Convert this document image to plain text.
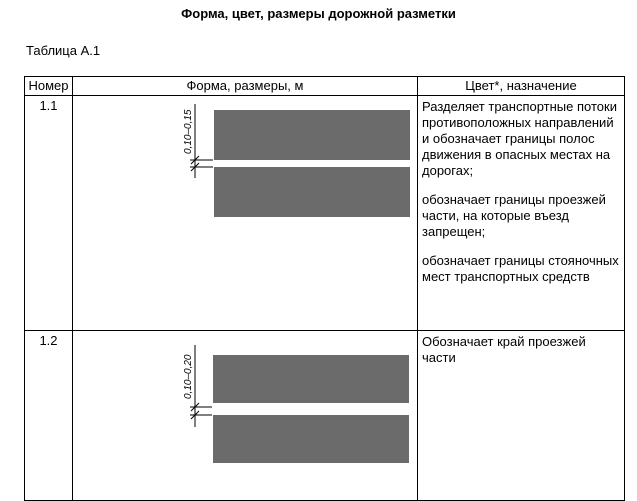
Форма, цвет, размеры дорожной разметки
Таблица А.1
Номер	Форма, размеры, м	Цвет*, назначение
1.1	0,10–0,15	Разделяет транспортные потоки противоположных направлений и обозначает границы полос движения в опасных местах на дорогах;

обозначает границы проезжей части, на которые въезд запрещен;

обозначает границы стояночных мест транспортных средств

1.2	0,10–0,20	Обозначает край проезжей части
